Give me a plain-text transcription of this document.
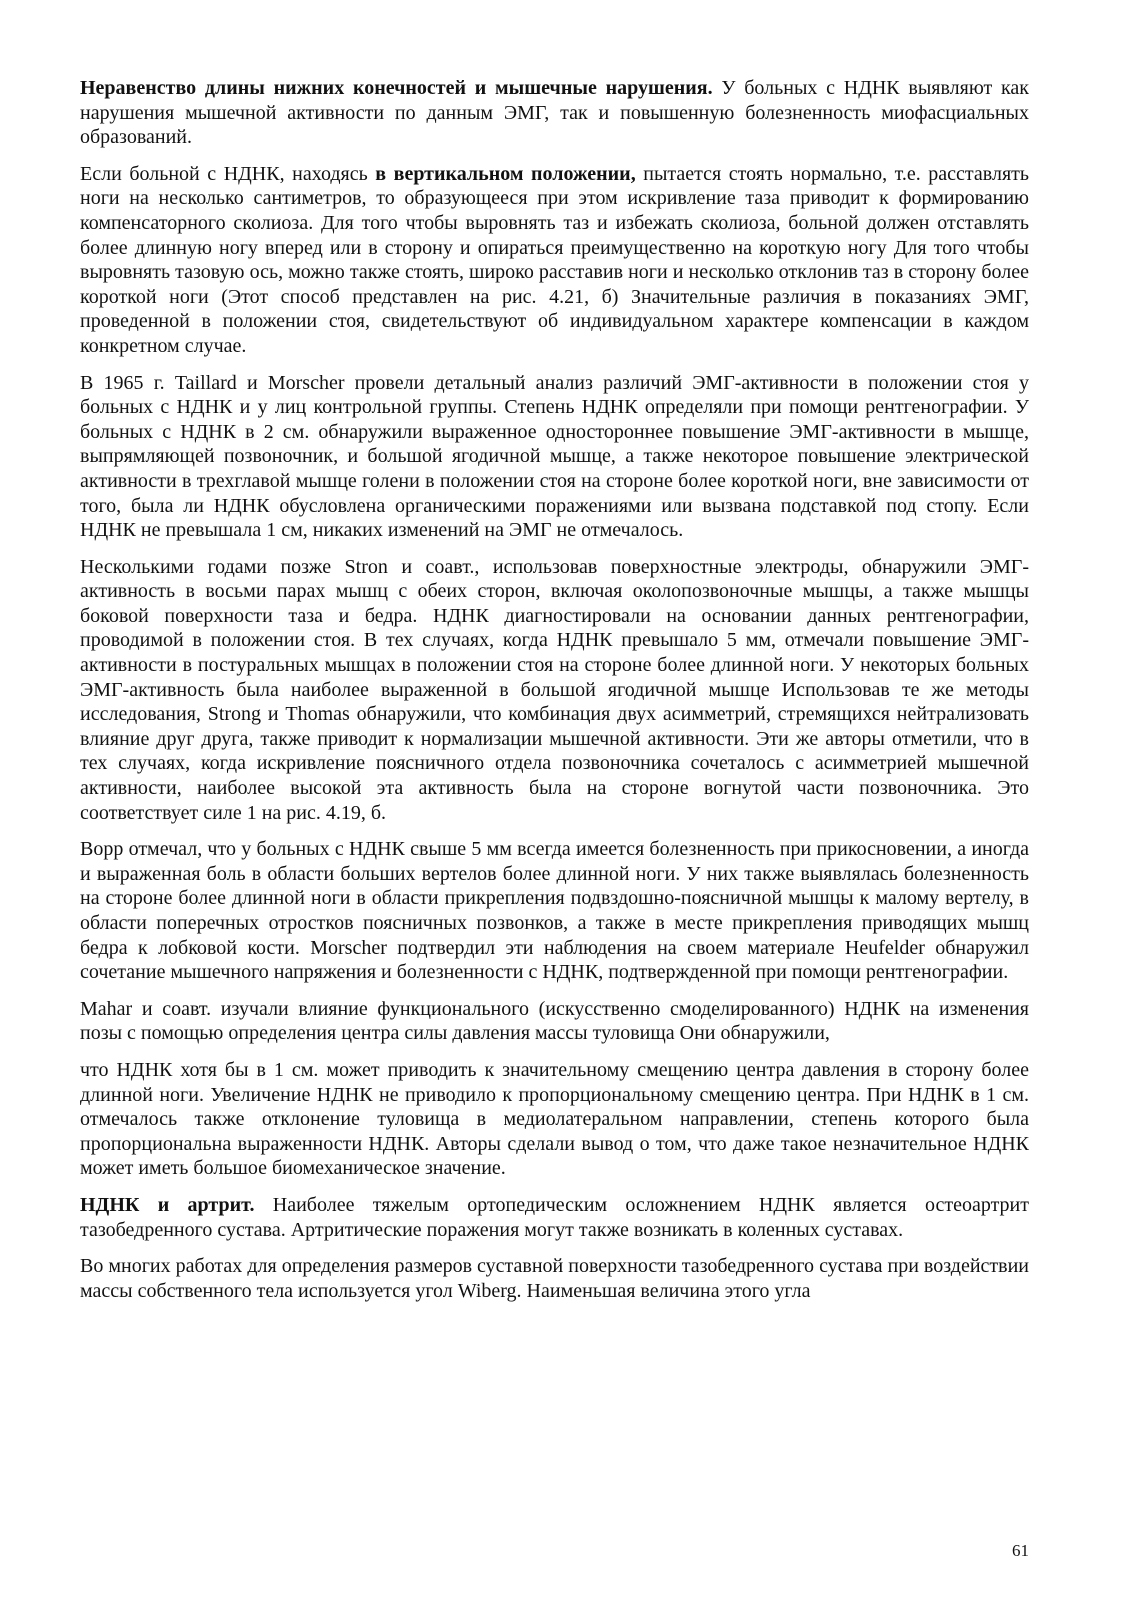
Неравенство длины нижних конечностей и мышечные нарушения. У больных с НДНК выявляют как нарушения мышечной активности по данным ЭМГ, так и повышенную болезненность миофасциальных образований.

Если больной с НДНК, находясь в вертикальном положении, пытается стоять нормально, т.е. расставлять ноги на несколько сантиметров, то образующееся при этом искривление таза приводит к формированию компенсаторного сколиоза. Для того чтобы выровнять таз и избежать сколиоза, больной должен отставлять более длинную ногу вперед или в сторону и опираться преимущественно на короткую ногу Для того чтобы выровнять тазовую ось, можно также стоять, широко расставив ноги и несколько отклонив таз в сторону более короткой ноги (Этот способ представлен на рис. 4.21, б) Значительные различия в показаниях ЭМГ, проведенной в положении стоя, свидетельствуют об индивидуальном характере компенсации в каждом конкретном случае.

В 1965 г. Taillard и Morscher провели детальный анализ различий ЭМГ-активности в положении стоя у больных с НДНК и у лиц контрольной группы. Степень НДНК определяли при помощи рентгенографии. У больных с НДНК в 2 см. обнаружили выраженное одностороннее повышение ЭМГ-активности в мышце, выпрямляющей позвоночник, и большой ягодичной мышце, а также некоторое повышение электрической активности в трехглавой мышце голени в положении стоя на стороне более короткой ноги, вне зависимости от того, была ли НДНК обусловлена органическими поражениями или вызвана подставкой под стопу. Если НДНК не превышала 1 см, никаких изменений на ЭМГ не отмечалось.

Несколькими годами позже Stron и соавт., использовав поверхностные электроды, обнаружили ЭМГ-активность в восьми парах мышц с обеих сторон, включая околопозвоночные мышцы, а также мышцы боковой поверхности таза и бедра. НДНК диагностировали на основании данных рентгенографии, проводимой в положении стоя. В тех случаях, когда НДНК превышало 5 мм, отмечали повышение ЭМГ-активности в постуральных мышцах в положении стоя на стороне более длинной ноги. У некоторых больных ЭМГ-активность была наиболее выраженной в большой ягодичной мышце Использовав те же методы исследования, Strong и Thomas обнаружили, что комбинация двух асимметрий, стремящихся нейтрализовать влияние друг друга, также приводит к нормализации мышечной активности. Эти же авторы отметили, что в тех случаях, когда искривление поясничного отдела позвоночника сочеталось с асимметрией мышечной активности, наиболее высокой эта активность была на стороне вогнутой части позвоночника. Это соответствует силе 1 на рис. 4.19, б.

Bopp отмечал, что у больных с НДНК свыше 5 мм всегда имеется болезненность при прикосновении, а иногда и выраженная боль в области больших вертелов более длинной ноги. У них также выявлялась болезненность на стороне более длинной ноги в области прикрепления подвздошно-поясничной мышцы к малому вертелу, в области поперечных отростков поясничных позвонков, а также в месте прикрепления приводящих мышц бедра к лобковой кости. Morscher подтвердил эти наблюдения на своем материале Heufelder обнаружил сочетание мышечного напряжения и болезненности с НДНК, подтвержденной при помощи рентгенографии.

Mahar и соавт. изучали влияние функционального (искусственно смоделированного) НДНК на изменения позы с помощью определения центра силы давления массы туловища Они обнаружили,

что НДНК хотя бы в 1 см. может приводить к значительному смещению центра давления в сторону более длинной ноги. Увеличение НДНК не приводило к пропорциональному смещению центра. При НДНК в 1 см. отмечалось также отклонение туловища в медиолатеральном направлении, степень которого была пропорциональна выраженности НДНК. Авторы сделали вывод о том, что даже такое незначительное НДНК может иметь большое биомеханическое значение.

НДНК и артрит. Наиболее тяжелым ортопедическим осложнением НДНК является остеоартрит тазобедренного сустава. Артритические поражения могут также возникать в коленных суставах.

Во многих работах для определения размеров суставной поверхности тазобедренного сустава при воздействии массы собственного тела используется угол Wiberg. Наименьшая величина этого угла

61
